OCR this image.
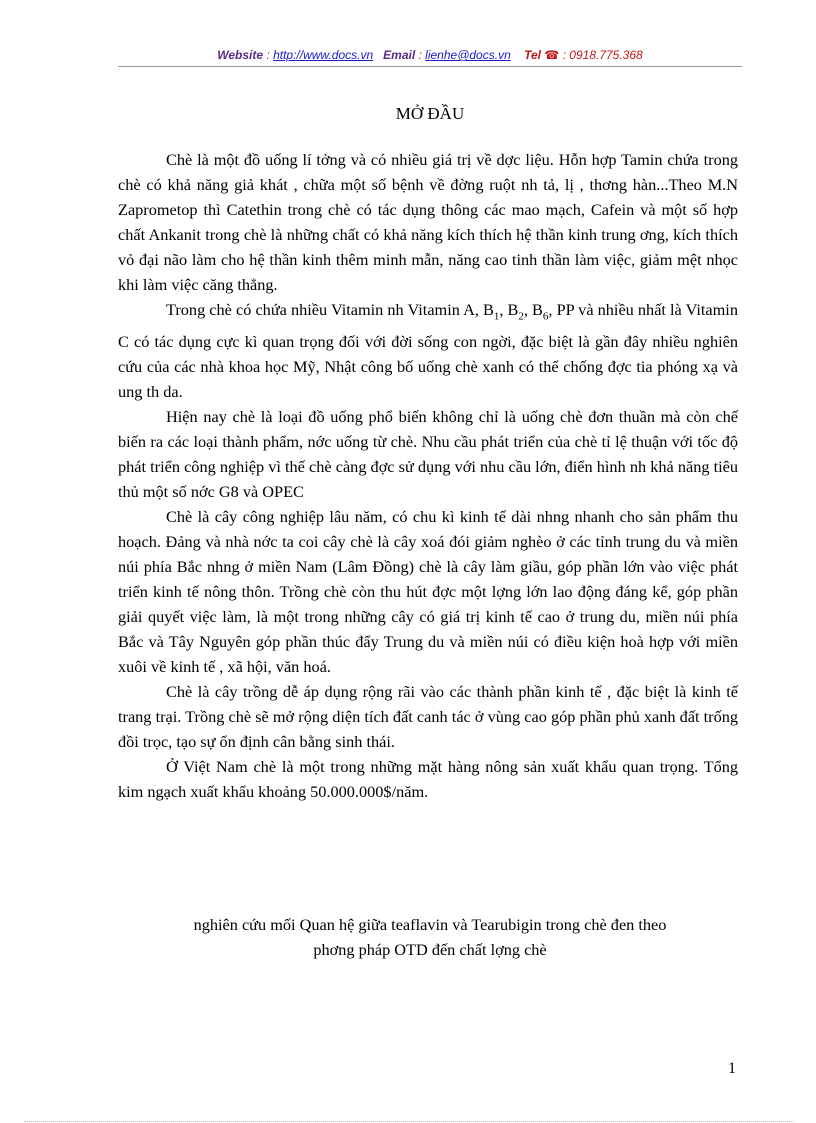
Website : http://www.docs.vn Email : lienhe@docs.vn Tel ☎ : 0918.775.368
MỞ ĐẦU

Chè là một đồ uống lí tởng và có nhiều giá trị về dợc liệu. Hỗn hợp Tamin chứa trong chè có khả năng giả khát , chữa một số bệnh về đờng ruột nh tả, lị , thơng hàn...Theo M.N Zaprometop thì Catethin trong chè có tác dụng thông các mao mạch, Cafein và một số hợp chất Ankanit trong chè là những chất có khả năng kích thích hệ thần kinh trung ơng, kích thích vỏ đại não làm cho hệ thần kinh thêm minh mẫn, năng cao tinh thần làm việc, giảm mệt nhọc khi làm việc căng thẳng.

Trong chè có chứa nhiều Vitamin nh Vitamin A, $B_1$, $B_2$, $B_6$, PP và nhiều nhất là Vitamin C có tác dụng cực kì quan trọng đối với đời sống con ngời, đặc biệt là gần đây nhiều nghiên cứu của các nhà khoa học Mỹ, Nhật công bố uống chè xanh có thể chống đợc tia phóng xạ và ung th da.

Hiện nay chè là loại đồ uống phổ biến không chỉ là uống chè đơn thuần mà còn chế biến ra các loại thành phẩm, nớc uống từ chè. Nhu cầu phát triển của chè tỉ lệ thuận với tốc độ phát triển công nghiệp vì thế chè càng đợc sử dụng với nhu cầu lớn, điển hình nh khả năng tiêu thủ một số nớc G8 và OPEC

Chè là cây công nghiệp lâu năm, có chu kì kinh tế dài nhng nhanh cho sản phẩm thu hoạch. Đảng và nhà nớc ta coi cây chè là cây xoá đói giảm nghèo ở các tỉnh trung du và miền núi phía Bắc nhng ở miền Nam (Lâm Đồng) chè là cây làm giầu, góp phần lớn vào việc phát triển kinh tế nông thôn. Trồng chè còn thu hút đợc một lợng lớn lao động đáng kể, góp phần giải quyết việc làm, là một trong những cây có giá trị kinh tế cao ở trung du, miền núi phía Bắc và Tây Nguyên góp phần thúc đẩy Trung du và miền núi có điều kiện hoà hợp với miền xuôi về kinh tế , xã hội, văn hoá.

Chè là cây trồng dễ áp dụng rộng rãi vào các thành phần kinh tế , đặc biệt là kinh tế trang trại. Trồng chè sẽ mở rộng diện tích đất canh tác ở vùng cao góp phần phủ xanh đất trống đồi trọc, tạo sự ổn định cân bằng sinh thái.

Ở Việt Nam chè là một trong những mặt hàng nông sản xuất khẩu quan trọng. Tổng kim ngạch xuất khẩu khoảng 50.000.000$/năm.

nghiên cứu mối Quan hệ giữa teaflavin và Tearubigin trong chè đen theo
phơng pháp OTD đến chất lợng chè
1
